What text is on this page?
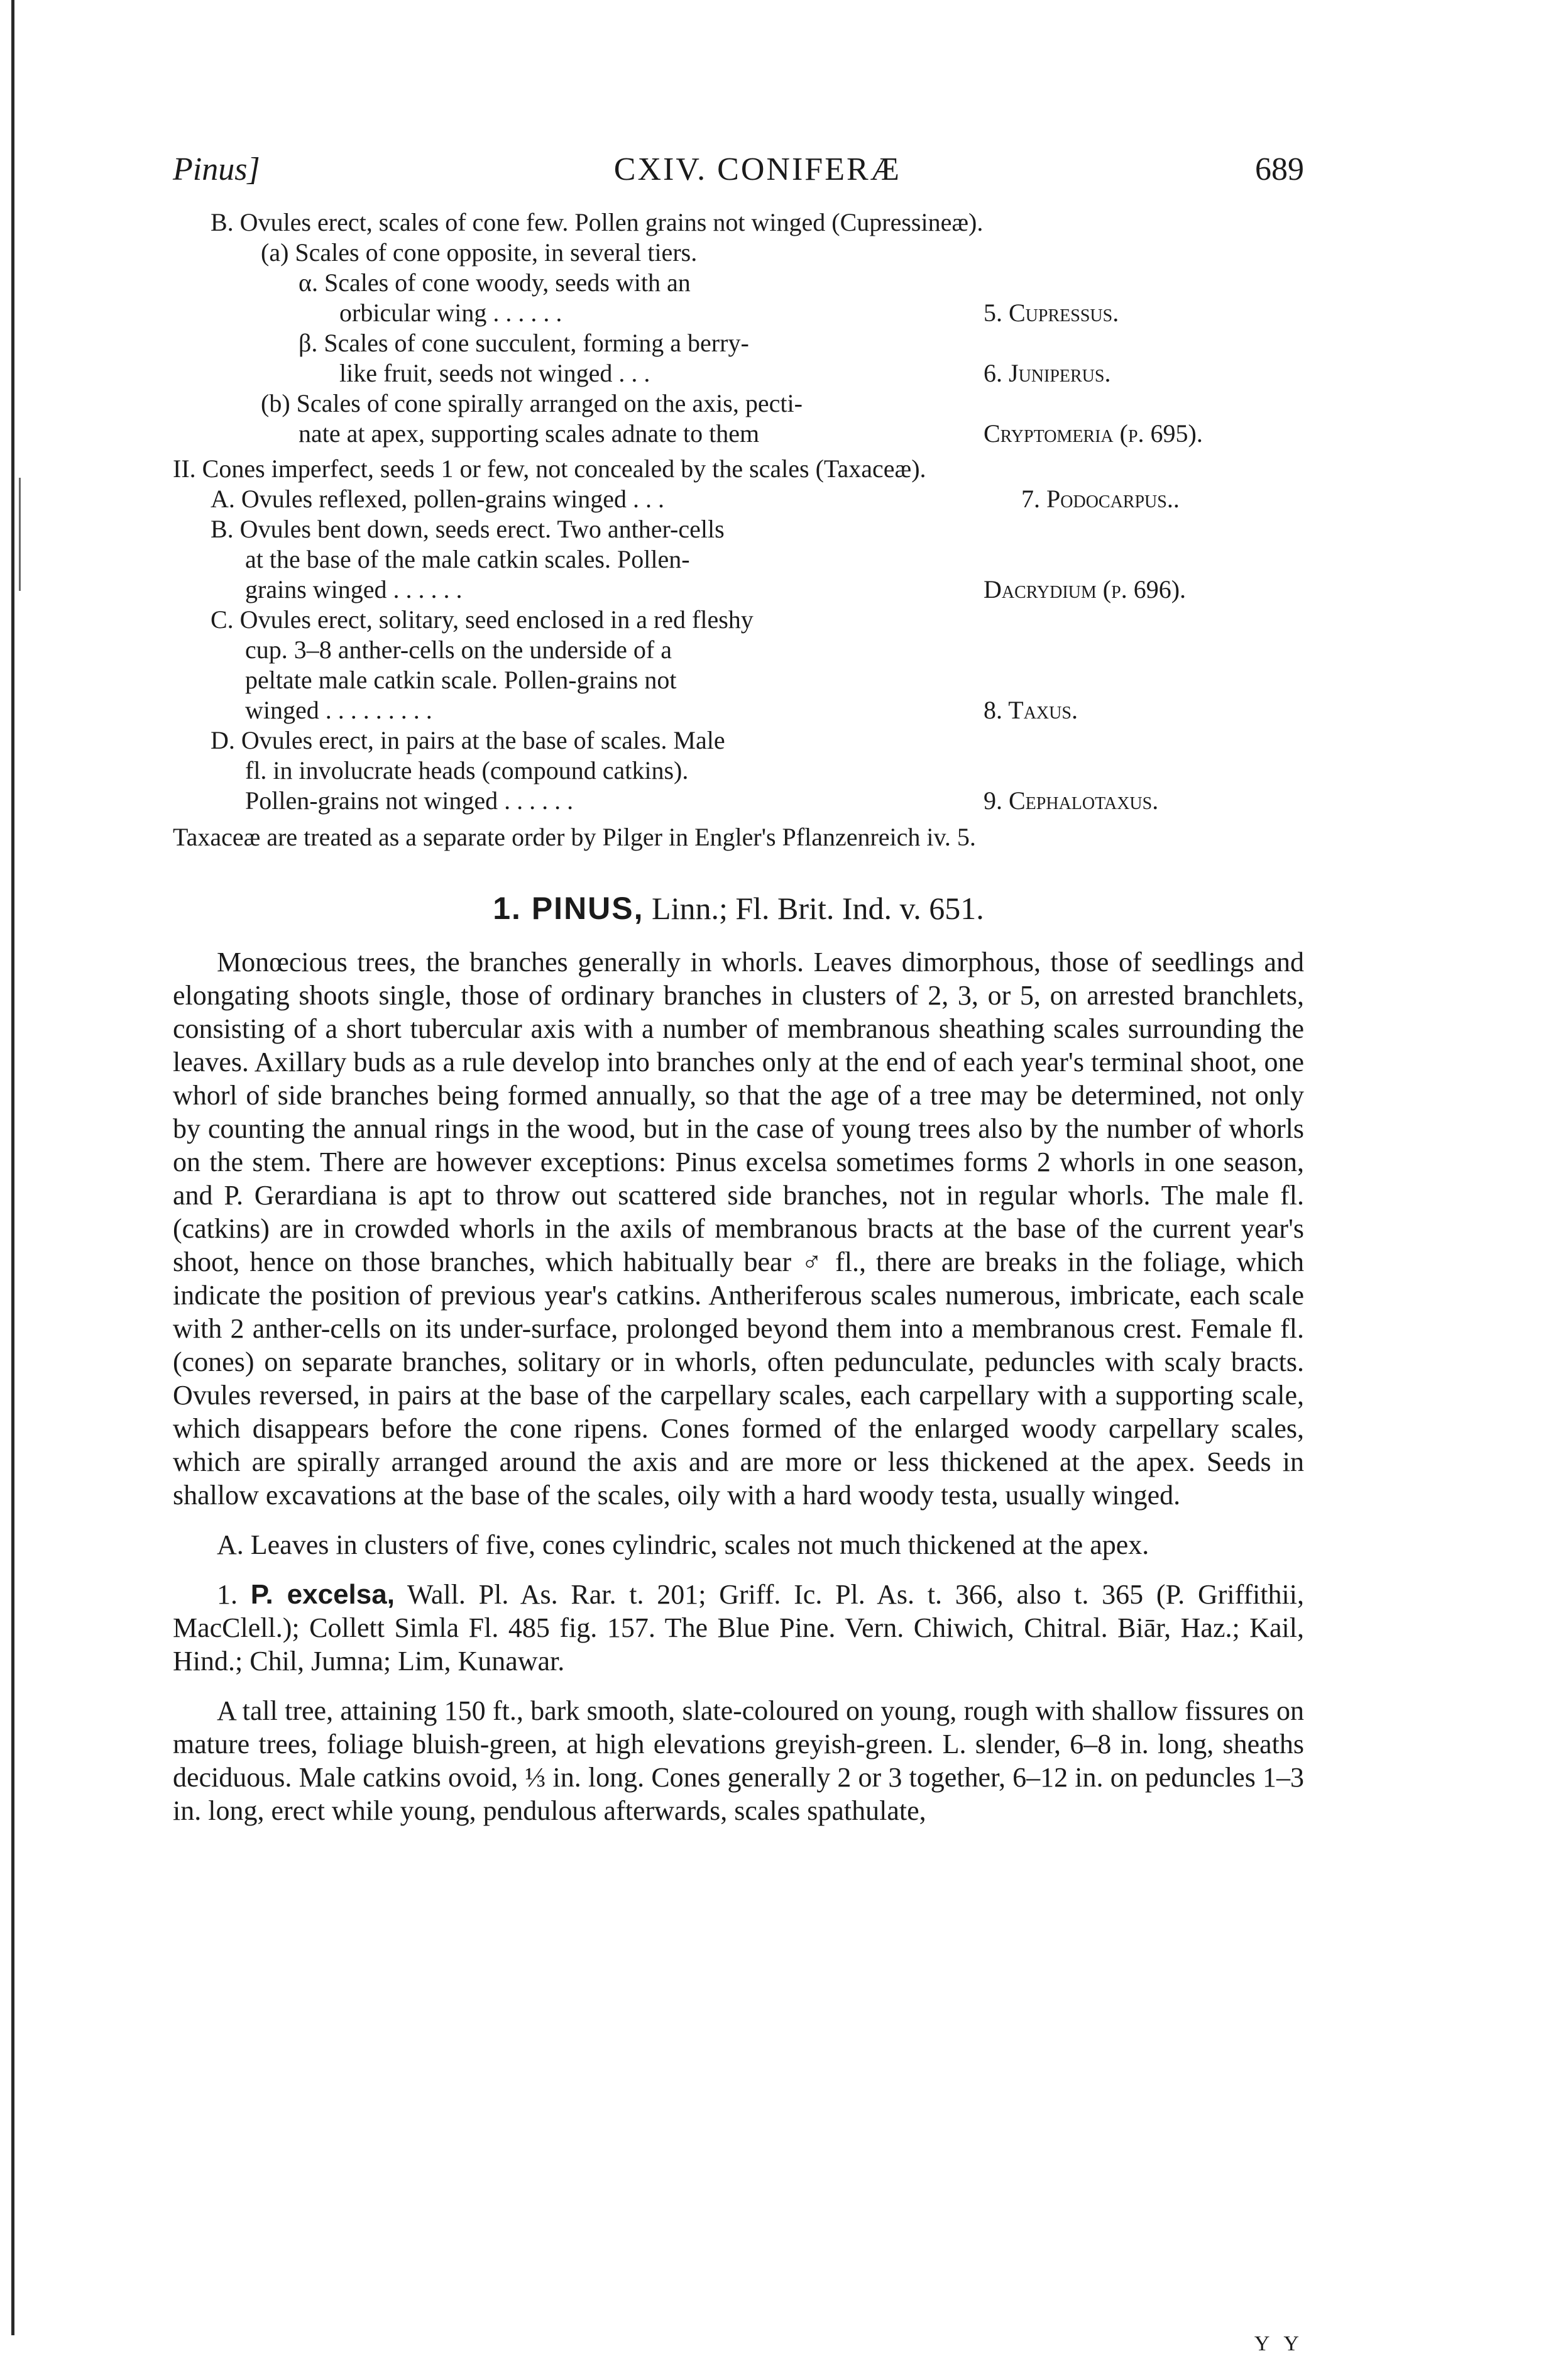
Pinus]	CXIV. CONIFERÆ	689
B. Ovules erect, scales of cone few. Pollen grains not winged (Cupressineæ).
(a) Scales of cone opposite, in several tiers.
α. Scales of cone woody, seeds with an
orbicular wing . . . . . .	5. Cupressus.
β. Scales of cone succulent, forming a berry-
like fruit, seeds not winged . . .	6. Juniperus.
(b) Scales of cone spirally arranged on the axis, pecti-
nate at apex, supporting scales adnate to them	Cryptomeria (p. 695).
II. Cones imperfect, seeds 1 or few, not concealed by the scales (Taxaceæ).
A. Ovules reflexed, pollen-grains winged . . .	7. Podocarpus..
B. Ovules bent down, seeds erect. Two anther-cells
at the base of the male catkin scales. Pollen-
grains winged . . . . . .	Dacrydium (p. 696).
C. Ovules erect, solitary, seed enclosed in a red fleshy
cup. 3–8 anther-cells on the underside of a
peltate male catkin scale. Pollen-grains not
winged . . . . . . . . .	8. Taxus.
D. Ovules erect, in pairs at the base of scales. Male
fl. in involucrate heads (compound catkins).
Pollen-grains not winged . . . . . .	9. Cephalotaxus.
Taxaceæ are treated as a separate order by Pilger in Engler's Pflanzenreich iv. 5.
1. PINUS, Linn.; Fl. Brit. Ind. v. 651.

Monœcious trees, the branches generally in whorls. Leaves dimorphous, those of seedlings and elongating shoots single, those of ordinary branches in clusters of 2, 3, or 5, on arrested branchlets, consisting of a short tubercular axis with a number of membranous sheathing scales surrounding the leaves. Axillary buds as a rule develop into branches only at the end of each year's terminal shoot, one whorl of side branches being formed annually, so that the age of a tree may be determined, not only by counting the annual rings in the wood, but in the case of young trees also by the number of whorls on the stem. There are however exceptions: Pinus excelsa sometimes forms 2 whorls in one season, and P. Gerardiana is apt to throw out scattered side branches, not in regular whorls. The male fl. (catkins) are in crowded whorls in the axils of membranous bracts at the base of the current year's shoot, hence on those branches, which habitually bear ♂ fl., there are breaks in the foliage, which indicate the position of previous year's catkins. Antheriferous scales numerous, imbricate, each scale with 2 anther-cells on its under-surface, prolonged beyond them into a membranous crest. Female fl. (cones) on separate branches, solitary or in whorls, often pedunculate, peduncles with scaly bracts. Ovules reversed, in pairs at the base of the carpellary scales, each carpellary with a supporting scale, which disappears before the cone ripens. Cones formed of the enlarged woody carpellary scales, which are spirally arranged around the axis and are more or less thickened at the apex. Seeds in shallow excavations at the base of the scales, oily with a hard woody testa, usually winged.

A. Leaves in clusters of five, cones cylindric, scales not much thickened at the apex.

1. P. excelsa, Wall. Pl. As. Rar. t. 201; Griff. Ic. Pl. As. t. 366, also t. 365 (P. Griffithii, MacClell.); Collett Simla Fl. 485 fig. 157. The Blue Pine. Vern. Chiwich, Chitral. Biār, Haz.; Kail, Hind.; Chil, Jumna; Lim, Kunawar.

A tall tree, attaining 150 ft., bark smooth, slate-coloured on young, rough with shallow fissures on mature trees, foliage bluish-green, at high elevations greyish-green. L. slender, 6–8 in. long, sheaths deciduous. Male catkins ovoid, ⅓ in. long. Cones generally 2 or 3 together, 6–12 in. on peduncles 1–3 in. long, erect while young, pendulous afterwards, scales spathulate,

Y Y
